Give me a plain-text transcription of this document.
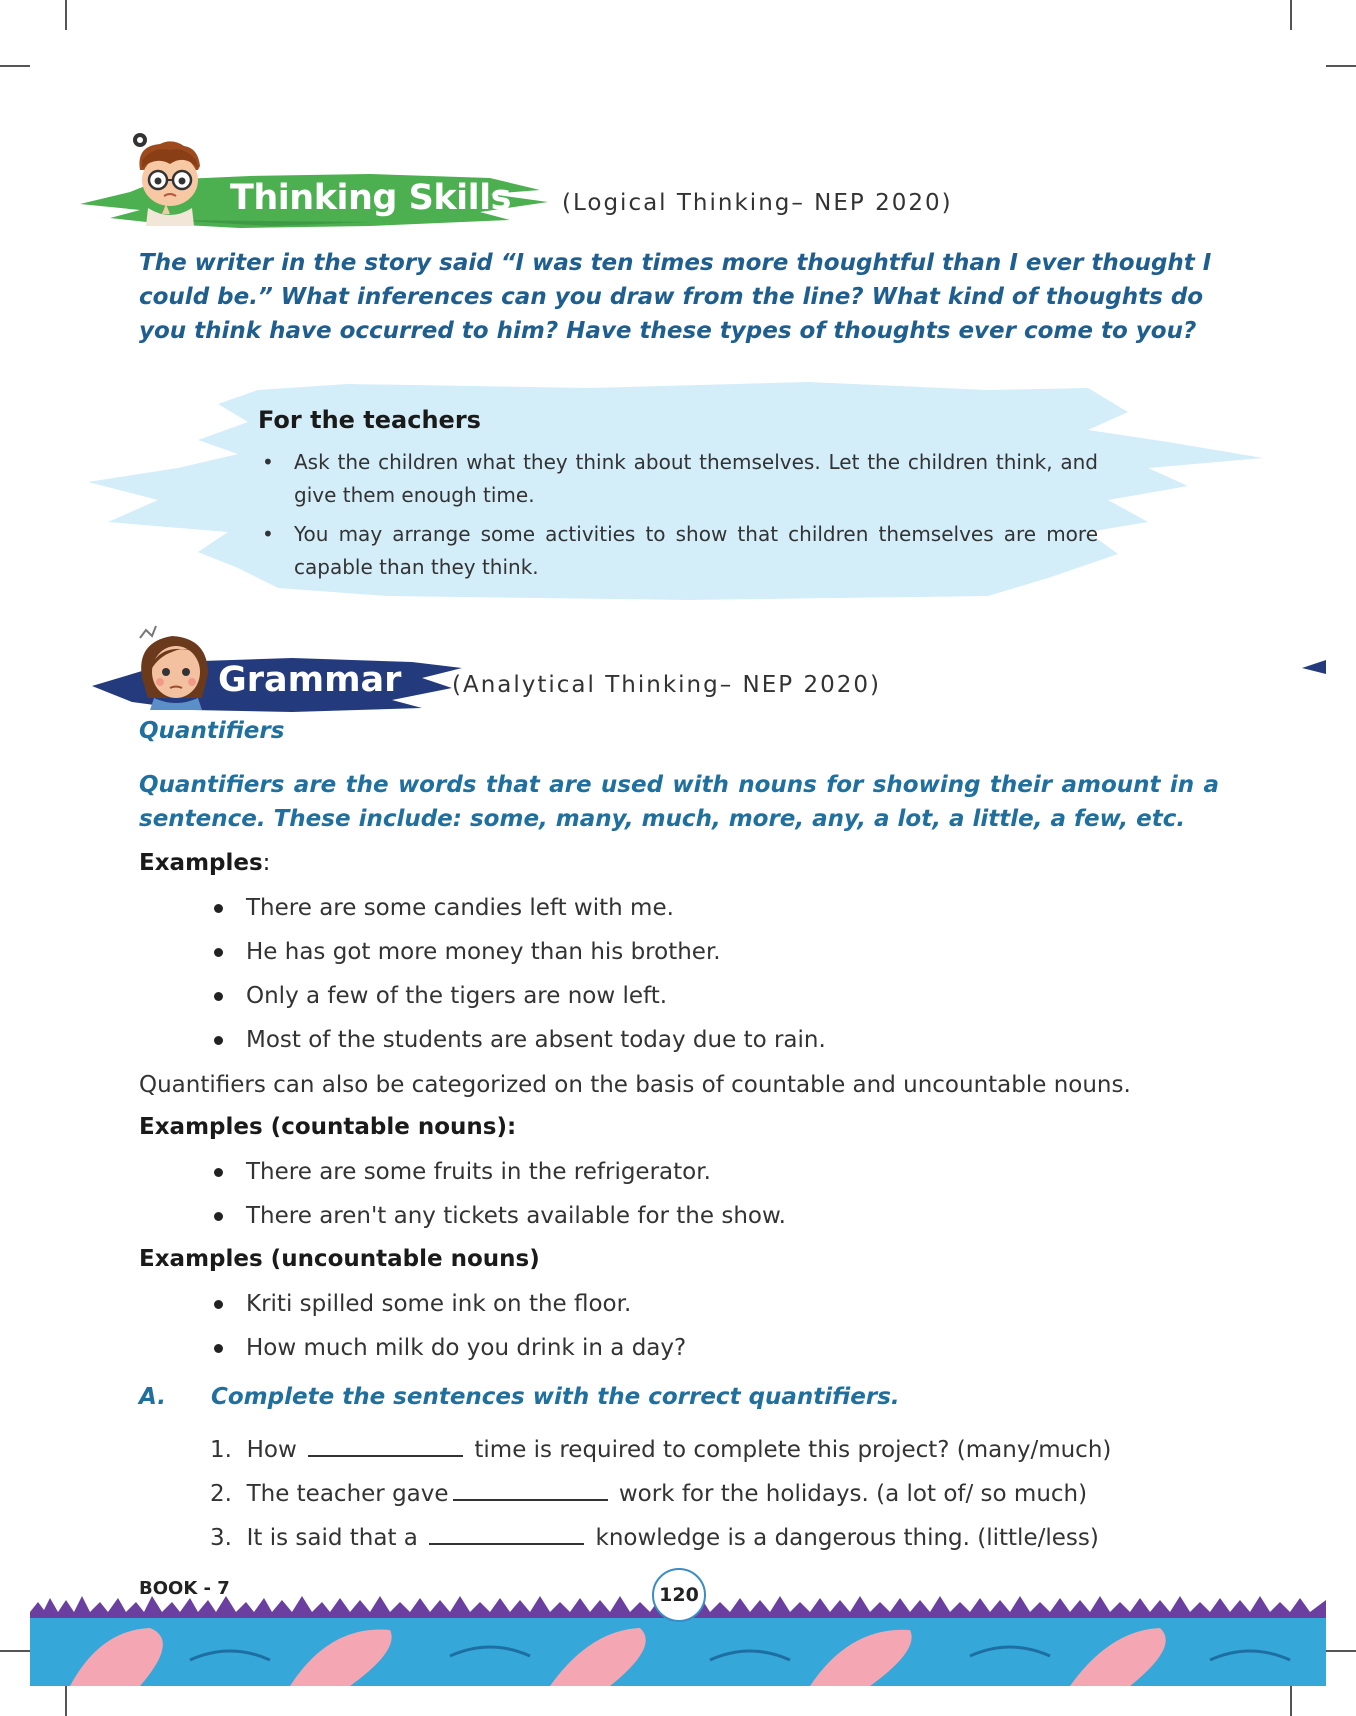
Thinking Skills (Logical Thinking– NEP 2020)
The writer in the story said “I was ten times more thoughtful than I ever thought I could be.” What inferences can you draw from the line? What kind of thoughts do you think have occurred to him? Have these types of thoughts ever come to you?
For the teachers
• Ask the children what they think about themselves. Let the children think, and give them enough time.
• You may arrange some activities to show that children themselves are more capable than they think.
Grammar (Analytical Thinking– NEP 2020)
Quantifiers
Quantifiers are the words that are used with nouns for showing their amount in a sentence. These include: some, many, much, more, any, a lot, a little, a few, etc.
Examples:
There are some candies left with me.
He has got more money than his brother.
Only a few of the tigers are now left.
Most of the students are absent today due to rain.
Quantifiers can also be categorized on the basis of countable and uncountable nouns.
Examples (countable nouns):
There are some fruits in the refrigerator.
There aren't any tickets available for the show.
Examples (uncountable nouns)
Kriti spilled some ink on the floor.
How much milk do you drink in a day?
A. Complete the sentences with the correct quantifiers.
1. How	time is required to complete this project? (many/much)
2. The teacher gave	work for the holidays. (a lot of/ so much)
3. It is said that a	knowledge is a dangerous thing. (little/less)
BOOK - 7	120
